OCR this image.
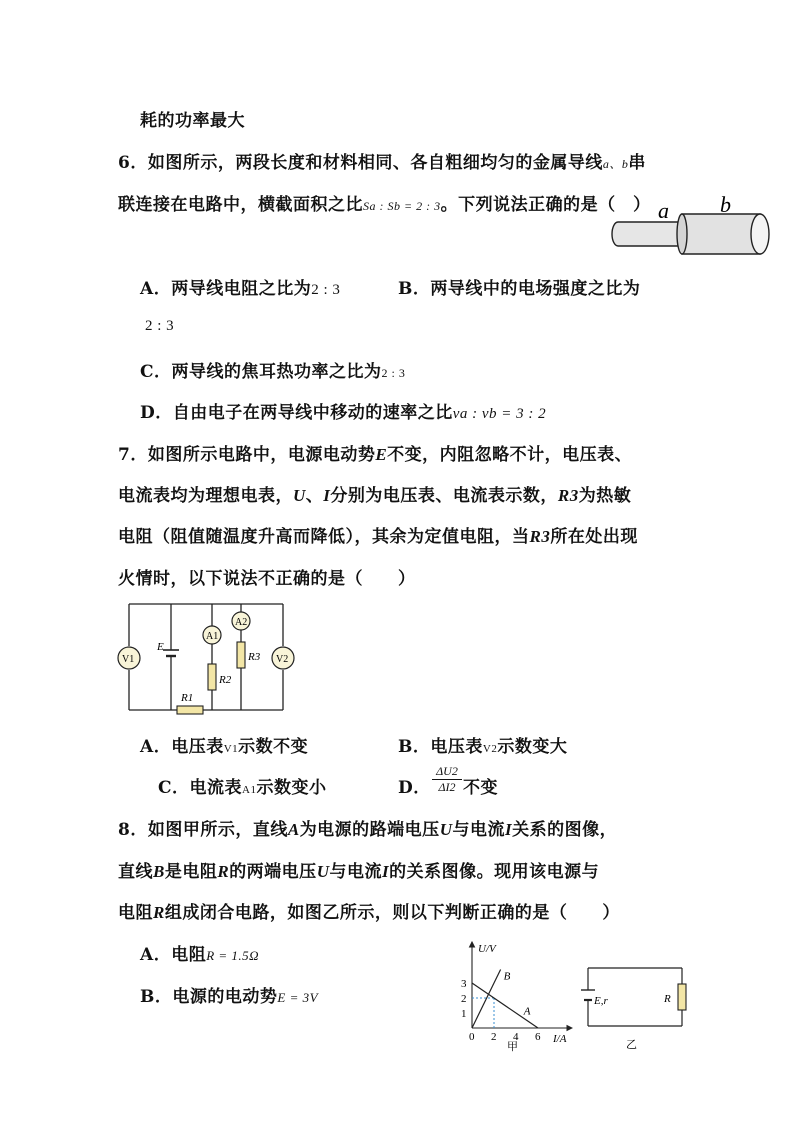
耗的功率最大
6．如图所示，两段长度和材料相同、各自粗细均匀的金属导线a、b串
联连接在电路中，横截面积之比Sa : Sb = 2 : 3。下列说法正确的是（　） a b
A．两导线电阻之比为2 : 3	B．两导线中的电场强度之比为
2 : 3
C．两导线的焦耳热功率之比为2 : 3
D．自由电子在两导线中移动的速率之比va : vb = 3 : 2
7．如图所示电路中，电源电动势E不变，内阻忽略不计，电压表、
电流表均为理想电表，U、I分别为电压表、电流表示数，R3为热敏
电阻（阻值随温度升高而降低），其余为定值电阻，当R3所在处出现
火情时，以下说法不正确的是（　　）
E
R1
R2
R3
A1
A2
V1	V2
A．电压表V1示数不变	B．电压表V2示数变大
C．电流表A1示数变小	D． $\frac{\Delta U2}{\Delta I2}$ 不变
8．如图甲所示，直线A为电源的路端电压U与电流I关系的图像，
直线B是电阻R的两端电压U与电流I的关系图像。现用该电源与
电阻R组成闭合电路，如图乙所示，则以下判断正确的是（　　）
A．电阻R = 1.5Ω
B．电源的电动势E = 3V
U/V
I/A
0 2 4 6
1
2
3
A
B
甲
E,r	R
乙
